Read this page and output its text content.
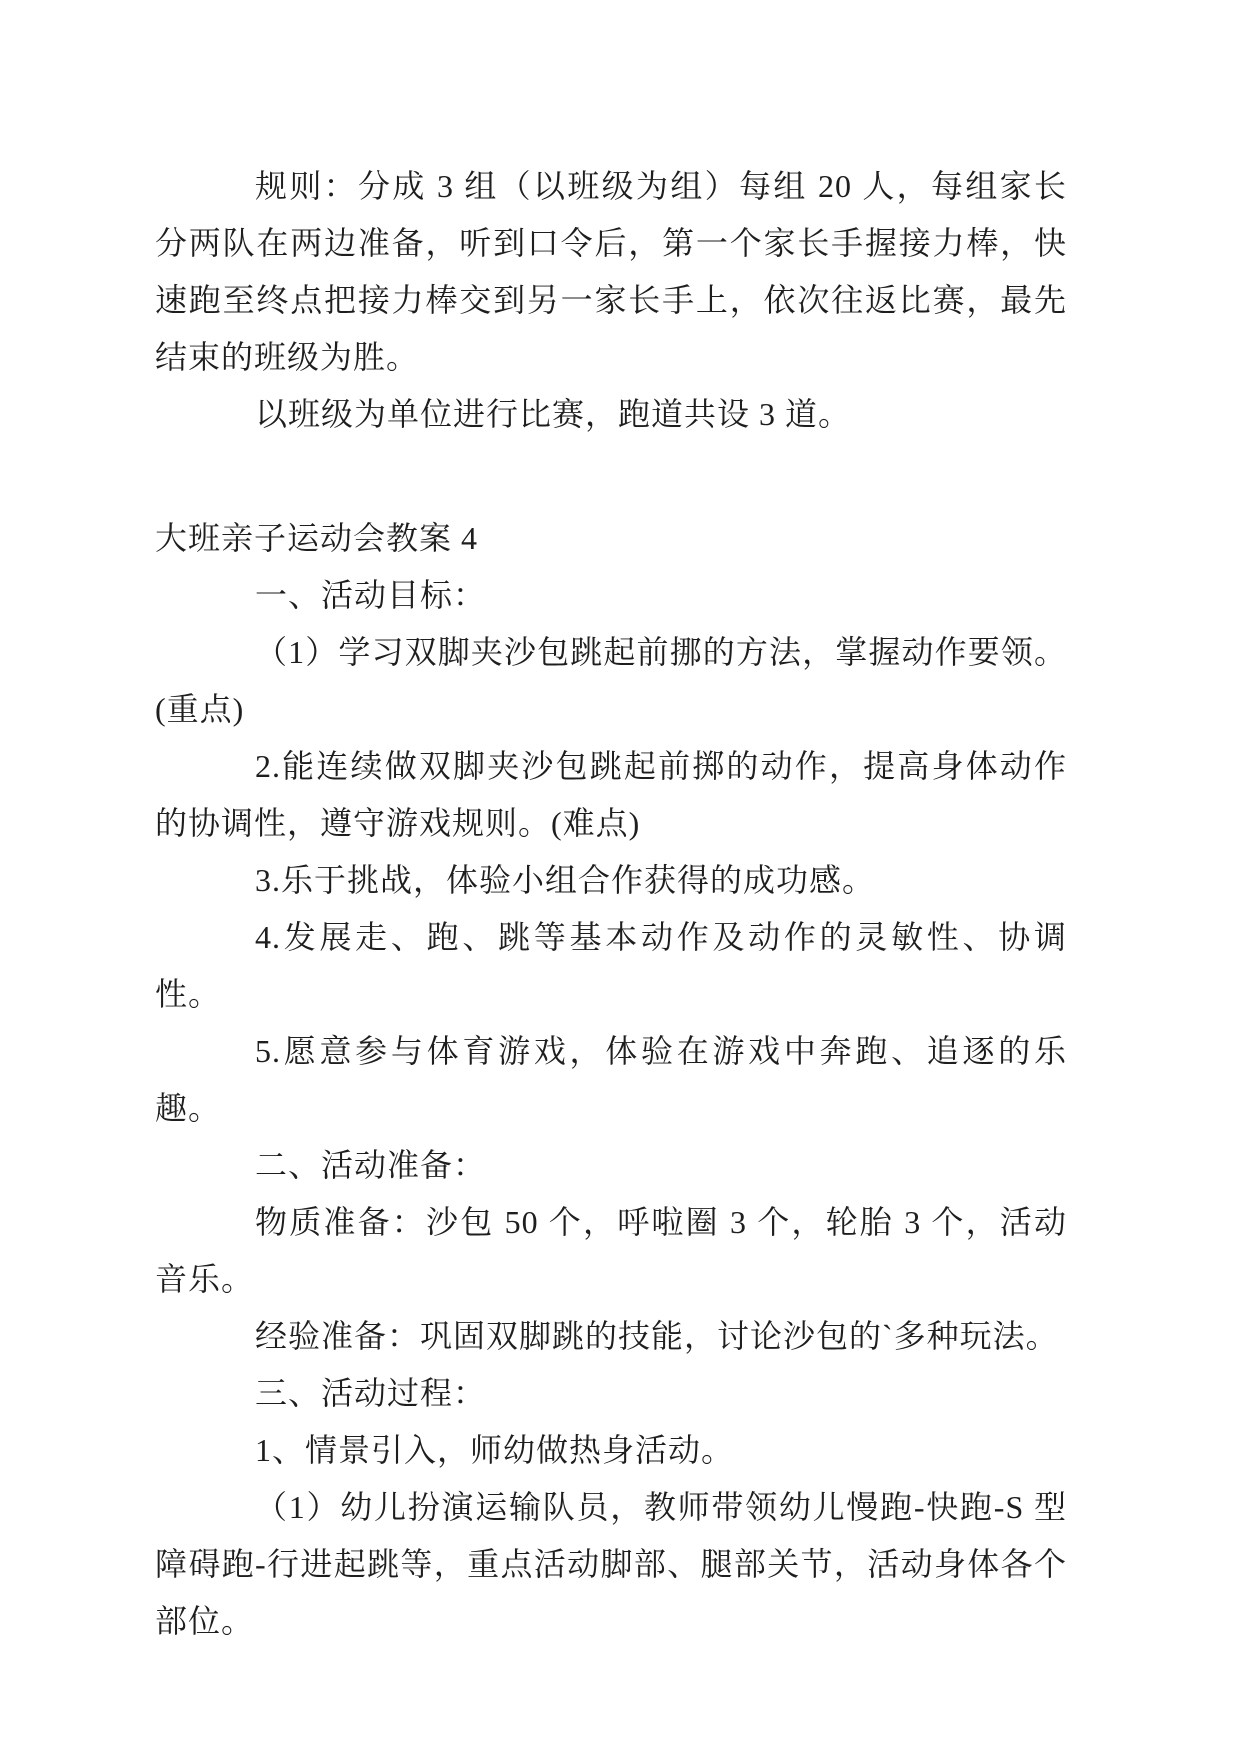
规则：分成 3 组（以班级为组）每组 20 人，每组家长分两队在两边准备，听到口令后，第一个家长手握接力棒，快速跑至终点把接力棒交到另一家长手上，依次往返比赛，最先结束的班级为胜。

以班级为单位进行比赛，跑道共设 3 道。

大班亲子运动会教案 4

一、活动目标：

（1）学习双脚夹沙包跳起前挪的方法，掌握动作要领。(重点)

2.能连续做双脚夹沙包跳起前掷的动作，提高身体动作的协调性，遵守游戏规则。(难点)

3.乐于挑战，体验小组合作获得的成功感。

4.发展走、跑、跳等基本动作及动作的灵敏性、协调性。

5.愿意参与体育游戏，体验在游戏中奔跑、追逐的乐趣。

二、活动准备：

物质准备：沙包 50 个，呼啦圈 3 个，轮胎 3 个，活动音乐。

经验准备：巩固双脚跳的技能，讨论沙包的`多种玩法。

三、活动过程：

1、情景引入，师幼做热身活动。

（1）幼儿扮演运输队员，教师带领幼儿慢跑-快跑-S 型障碍跑-行进起跳等，重点活动脚部、腿部关节，活动身体各个部位。
